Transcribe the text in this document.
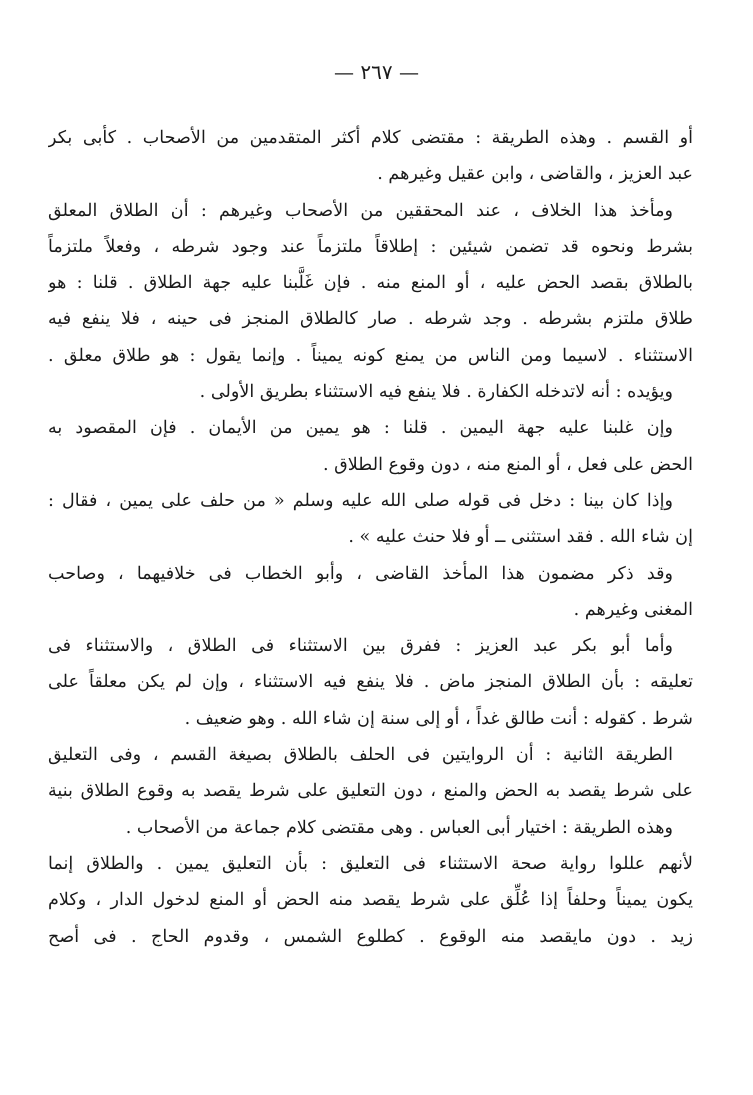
— ٢٦٧ —
أو القسم . وهذه الطريقة : مقتضى كلام أكثر المتقدمين من الأصحاب . كأبى بكر
عبد العزيز ، والقاضى ، وابن عقيل وغيرهم .
ومأخذ هذا الخلاف ، عند المحققين من الأصحاب وغيرهم : أن الطلاق المعلق
بشرط ونحوه قد تضمن شيئين : إطلاقاً ملتزماً عند وجود شرطه ، وفعلاً ملتزماً
بالطلاق بقصد الحض عليه ، أو المنع منه . فإن غَلَّبنا عليه جهة الطلاق . قلنا : هو
طلاق ملتزم بشرطه . وجد شرطه . صار كالطلاق المنجز فى حينه ، فلا ينفع فيه
الاستثناء . لاسيما ومن الناس من يمنع كونه يميناً . وإنما يقول : هو طلاق معلق .
ويؤيده : أنه لاتدخله الكفارة . فلا ينفع فيه الاستثناء بطريق الأولى .
وإن غلبنا عليه جهة اليمين . قلنا : هو يمين من الأيمان . فإن المقصود به
الحض على فعل ، أو المنع منه ، دون وقوع الطلاق .
وإذا كان بينا : دخل فى قوله صلى الله عليه وسلم « من حلف على يمين ، فقال :
إن شاء الله . فقد استثنى ــ أو فلا حنث عليه » .
وقد ذكر مضمون هذا المأخذ القاضى ، وأبو الخطاب فى خلافيهما ، وصاحب
المغنى وغيرهم .
وأما أبو بكر عبد العزيز : ففرق بين الاستثناء فى الطلاق ، والاستثناء فى
تعليقه : بأن الطلاق المنجز ماض . فلا ينفع فيه الاستثناء ، وإن لم يكن معلقاً على
شرط . كقوله : أنت طالق غداً ، أو إلى سنة إن شاء الله . وهو ضعيف .
الطريقة الثانية : أن الروايتين فى الحلف بالطلاق بصيغة القسم ، وفى التعليق
على شرط يقصد به الحض والمنع ، دون التعليق على شرط يقصد به وقوع الطلاق بنية
وهذه الطريقة : اختيار أبى العباس . وهى مقتضى كلام جماعة من الأصحاب .
لأنهم عللوا رواية صحة الاستثناء فى التعليق : بأن التعليق يمين . والطلاق إنما
يكون يميناً وحلفاً إذا عُلِّق على شرط يقصد منه الحض أو المنع لدخول الدار ، وكلام
زيد . دون مايقصد منه الوقوع . كطلوع الشمس ، وقدوم الحاج . فى أصح
